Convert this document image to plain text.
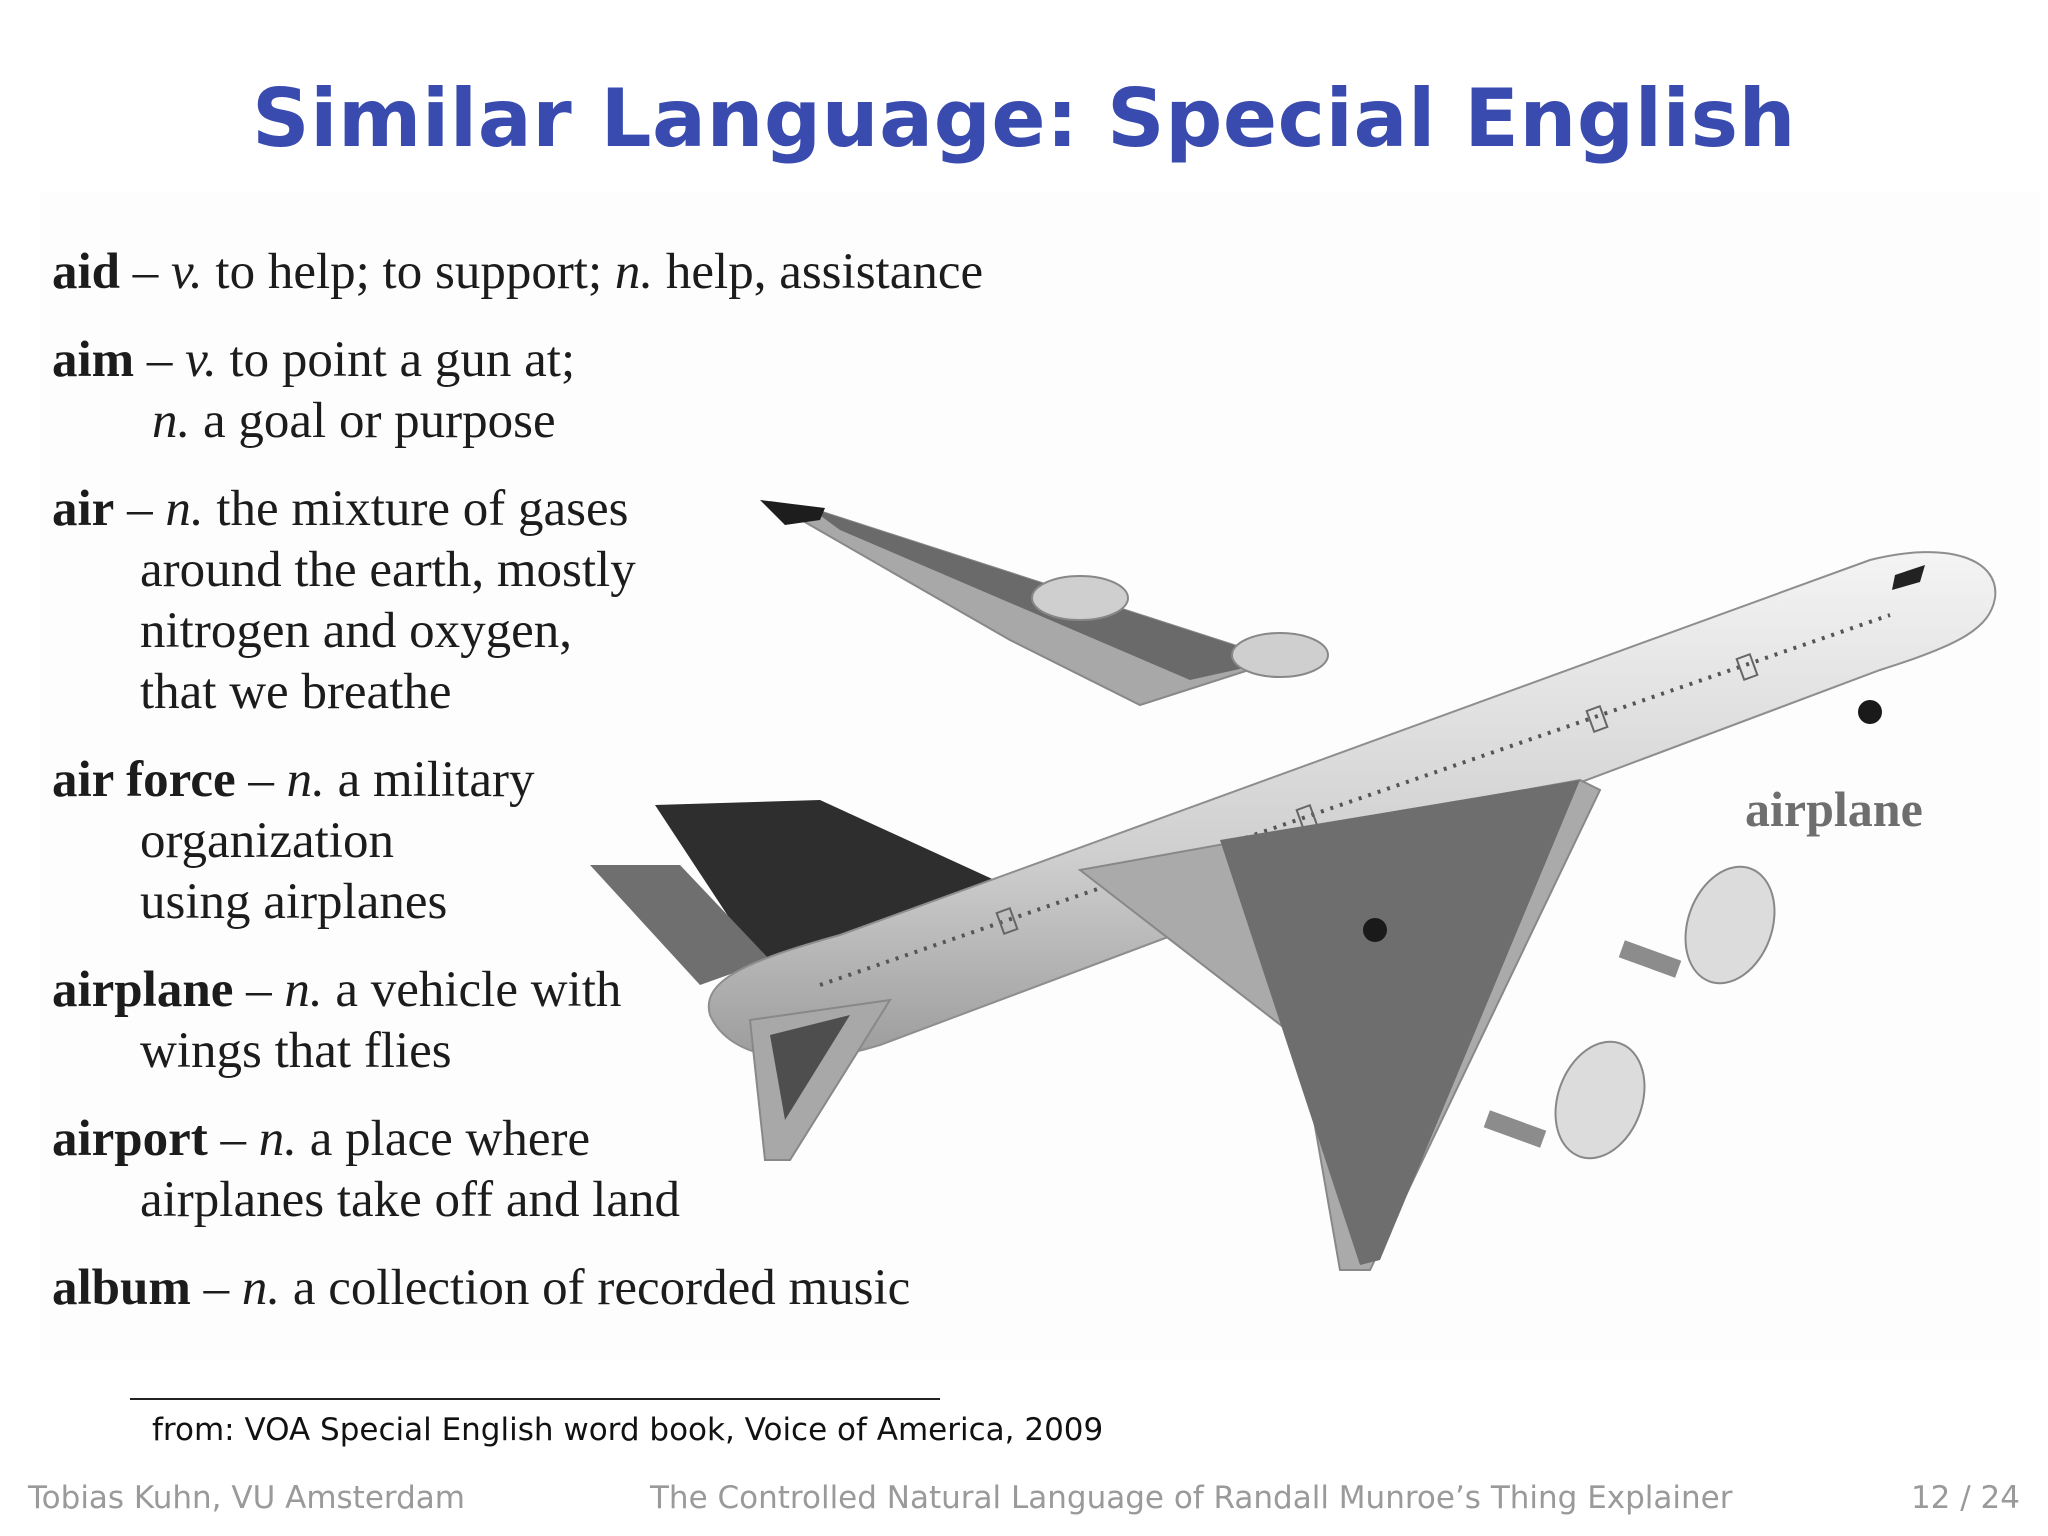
Similar Language: Special English
aid – v. to help; to support; n. help, assistance
aim – v. to point a gun at;
n. a goal or purpose
air – n. the mixture of gases
around the earth, mostly
nitrogen and oxygen,
that we breathe
air force – n. a military
organization
using airplanes
airplane – n. a vehicle with
wings that flies
airport – n. a place where
airplanes take off and land
album – n. a collection of recorded music
airplane
from: VOA Special English word book, Voice of America, 2009
Tobias Kuhn, VU Amsterdam	The Controlled Natural Language of Randall Munroe’s Thing Explainer	12 / 24
